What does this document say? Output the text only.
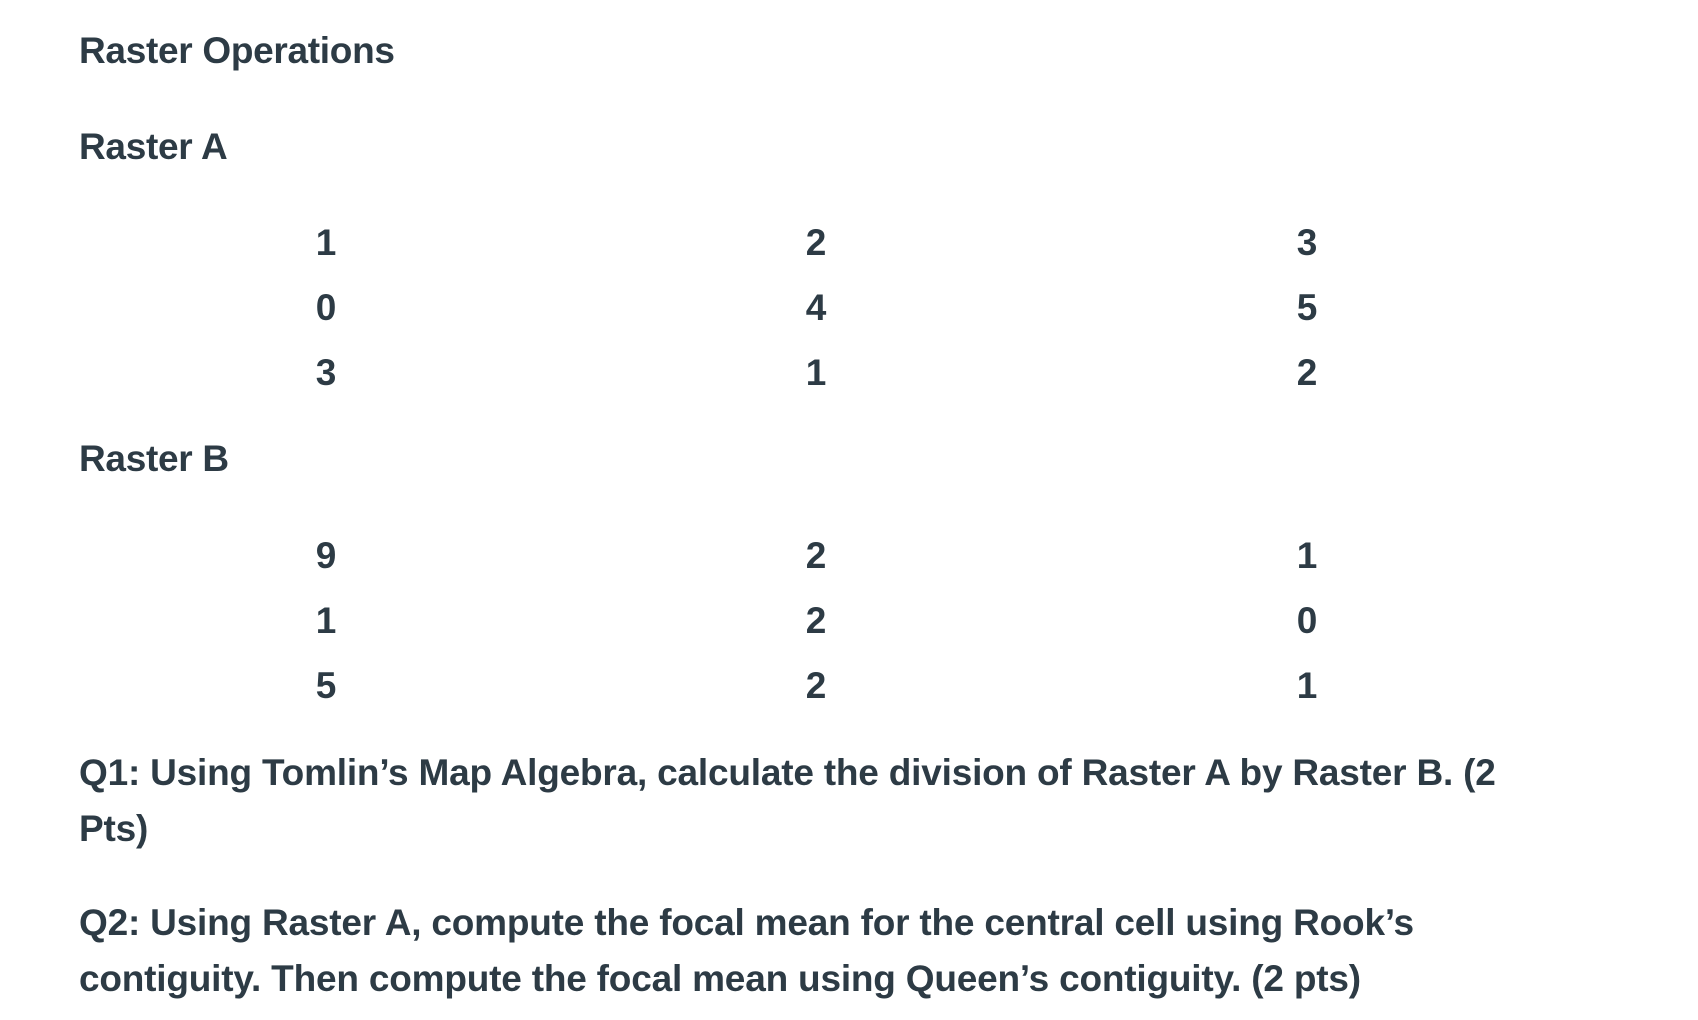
Raster Operations
Raster A
1	2	3
0	4	5
3	1	2
Raster B
9	2	1
1	2	0
5	2	1
Q1: Using Tomlin’s Map Algebra, calculate the division of Raster A by Raster B. (2 Pts)
Q2: Using Raster A, compute the focal mean for the central cell using Rook’s contiguity. Then compute the focal mean using Queen’s contiguity. (2 pts)
